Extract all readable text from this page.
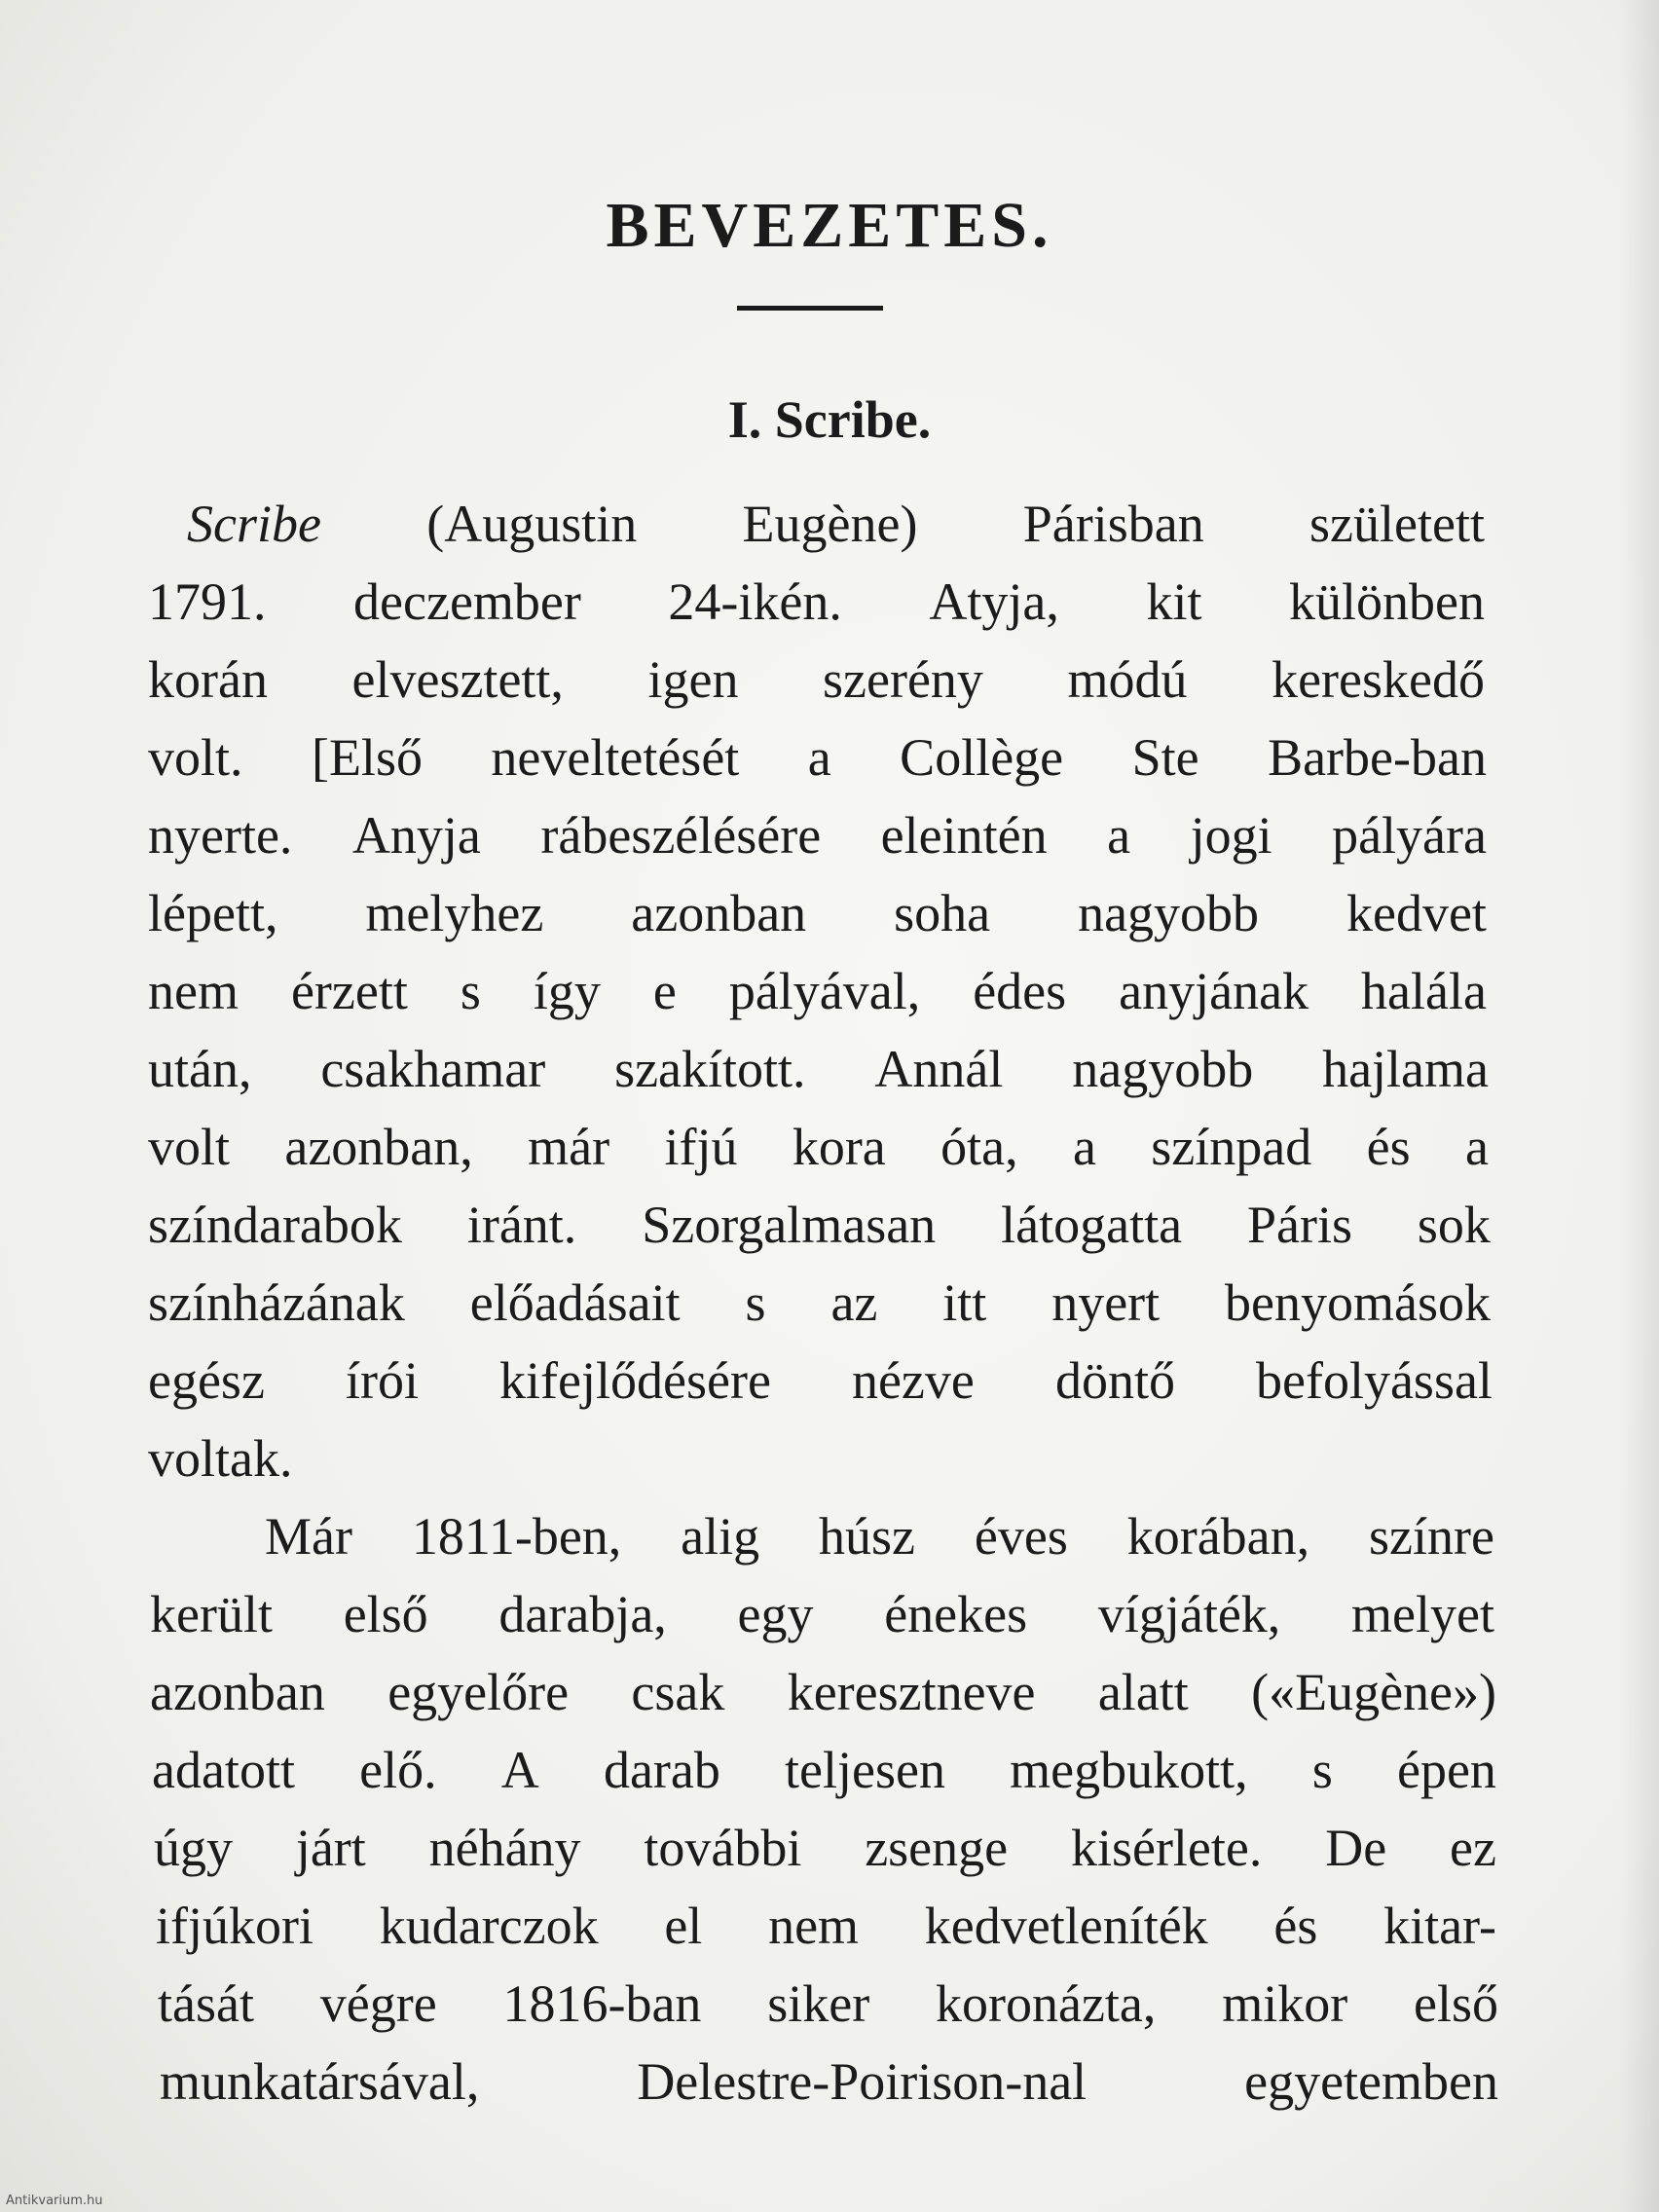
BEVEZETES.
I. Scribe.
Scribe (Augustin Eugène) Párisban született
1791. deczember 24-ikén. Atyja, kit különben
korán elvesztett, igen szerény módú kereskedő
volt. [Első neveltetését a Collège Ste Barbe-ban
nyerte. Anyja rábeszélésére eleintén a jogi pályára
lépett, melyhez azonban soha nagyobb kedvet
nem érzett s így e pályával, édes anyjának halála
után, csakhamar szakított. Annál nagyobb hajlama
volt azonban, már ifjú kora óta, a színpad és a
színdarabok iránt. Szorgalmasan látogatta Páris sok
színházának előadásait s az itt nyert benyomások
egész írói kifejlődésére nézve döntő befolyással
voltak.
Már 1811-ben, alig húsz éves korában, színre
került első darabja, egy énekes vígjáték, melyet
azonban egyelőre csak keresztneve alatt («Eugène»)
adatott elő. A darab teljesen megbukott, s épen
úgy járt néhány további zsenge kisérlete. De ez
ifjúkori kudarczok el nem kedvetleníték és kitar-
tását végre 1816-ban siker koronázta, mikor első
munkatársával,	Delestre-Poirison-nal	egyetemben
Antikvarium.hu
